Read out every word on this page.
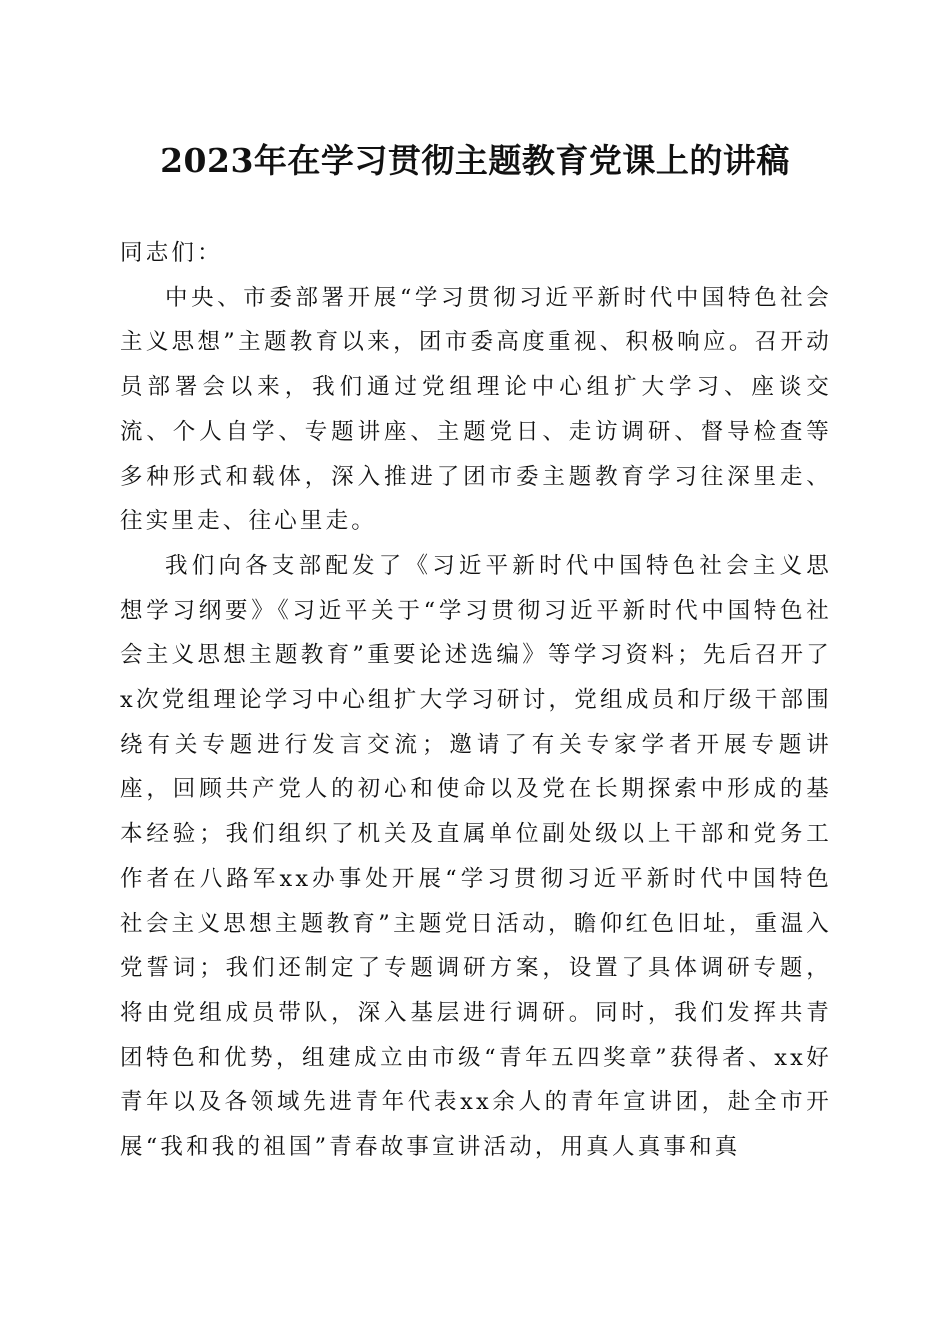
2023年在学习贯彻主题教育党课上的讲稿

同志们：

中央、市委部署开展“学习贯彻习近平新时代中国特色社会主义思想”主题教育以来，团市委高度重视、积极响应。召开动员部署会以来，我们通过党组理论中心组扩大学习、座谈交流、个人自学、专题讲座、主题党日、走访调研、督导检查等多种形式和载体，深入推进了团市委主题教育学习往深里走、往实里走、往心里走。

我们向各支部配发了《习近平新时代中国特色社会主义思想学习纲要》《习近平关于“学习贯彻习近平新时代中国特色社会主义思想主题教育”重要论述选编》等学习资料；先后召开了x次党组理论学习中心组扩大学习研讨，党组成员和厅级干部围绕有关专题进行发言交流；邀请了有关专家学者开展专题讲座，回顾共产党人的初心和使命以及党在长期探索中形成的基本经验；我们组织了机关及直属单位副处级以上干部和党务工作者在八路军xx办事处开展“学习贯彻习近平新时代中国特色社会主义思想主题教育”主题党日活动，瞻仰红色旧址，重温入党誓词；我们还制定了专题调研方案，设置了具体调研专题，将由党组成员带队，深入基层进行调研。同时，我们发挥共青团特色和优势，组建成立由市级“青年五四奖章”获得者、xx好青年以及各领域先进青年代表xx余人的青年宣讲团，赴全市开展“我和我的祖国”青春故事宣讲活动，用真人真事和真
